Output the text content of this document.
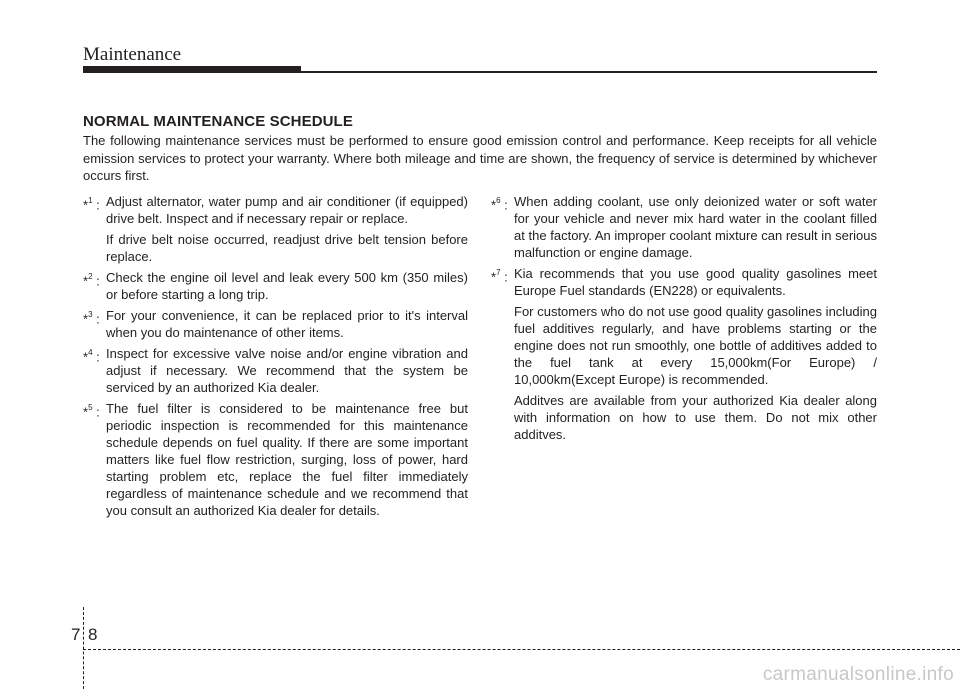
Maintenance
NORMAL MAINTENANCE SCHEDULE
The following maintenance services must be performed to ensure good emission control and performance. Keep receipts for all vehicle emission services to protect your warranty. Where both mileage and time are shown, the frequency of service is determined by whichever occurs first.
*$^1$ : Adjust alternator, water pump and air conditioner (if equipped) drive belt. Inspect and if necessary repair or replace.

If drive belt noise occurred, readjust drive belt tension before replace.

*$^2$ : Check the engine oil level and leak every 500 km (350 miles) or before starting a long trip.

*$^3$ : For your convenience, it can be replaced prior to it's interval when you do maintenance of other items.

*$^4$ : Inspect for excessive valve noise and/or engine vibration and adjust if necessary. We recommend that the system be serviced by an authorized Kia dealer.

*$^5$ : The fuel filter is considered to be maintenance free but periodic inspection is recommended for this maintenance schedule depends on fuel quality. If there are some important matters like fuel flow restriction, surging, loss of power, hard starting problem etc, replace the fuel filter immediately regardless of maintenance schedule and we recommend that you consult an authorized Kia dealer for details.

*$^6$ : When adding coolant, use only deionized water or soft water for your vehicle and never mix hard water in the coolant filled at the factory. An improper coolant mixture can result in serious malfunction or engine damage.

*$^7$ : Kia recommends that you use good quality gasolines meet Europe Fuel standards (EN228) or equivalents.

For customers who do not use good quality gasolines including fuel additives regularly, and have problems starting or the engine does not run smoothly, one bottle of additives added to the fuel tank at every 15,000km(For Europe) / 10,000km(Except Europe) is recommended.

Additves are available from your authorized Kia dealer along with information on how to use them. Do not mix other additves.

7 8
carmanualsonline.info
